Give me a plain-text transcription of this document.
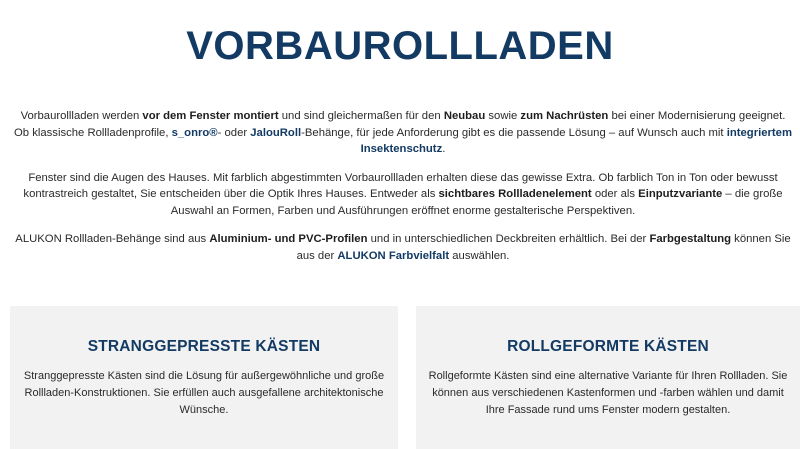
VORBAUROLLLADEN

Vorbaurollladen werden vor dem Fenster montiert und sind gleichermaßen für den Neubau sowie zum Nachrüsten bei einer Modernisierung geeignet. Ob klassische Rollladenprofile, s_onro®- oder JalouRoll-Behänge, für jede Anforderung gibt es die passende Lösung – auf Wunsch auch mit integriertem Insektenschutz.

Fenster sind die Augen des Hauses. Mit farblich abgestimmten Vorbaurollladen erhalten diese das gewisse Extra. Ob farblich Ton in Ton oder bewusst kontrastreich gestaltet, Sie entscheiden über die Optik Ihres Hauses. Entweder als sichtbares Rollladenelement oder als Einputzvariante – die große Auswahl an Formen, Farben und Ausführungen eröffnet enorme gestalterische Perspektiven.

ALUKON Rollladen-Behänge sind aus Aluminium- und PVC-Profilen und in unterschiedlichen Deckbreiten erhältlich. Bei der Farbgestaltung können Sie aus der ALUKON Farbvielfalt auswählen.

STRANGGEPRESSTE KÄSTEN

Stranggepresste Kästen sind die Lösung für außergewöhnliche und große Rollladen-Konstruktionen. Sie erfüllen auch ausgefallene architektonische Wünsche.

ROLLGEFORMTE KÄSTEN

Rollgeformte Kästen sind eine alternative Variante für Ihren Rollladen. Sie können aus verschiedenen Kastenformen und -farben wählen und damit Ihre Fassade rund ums Fenster modern gestalten.
